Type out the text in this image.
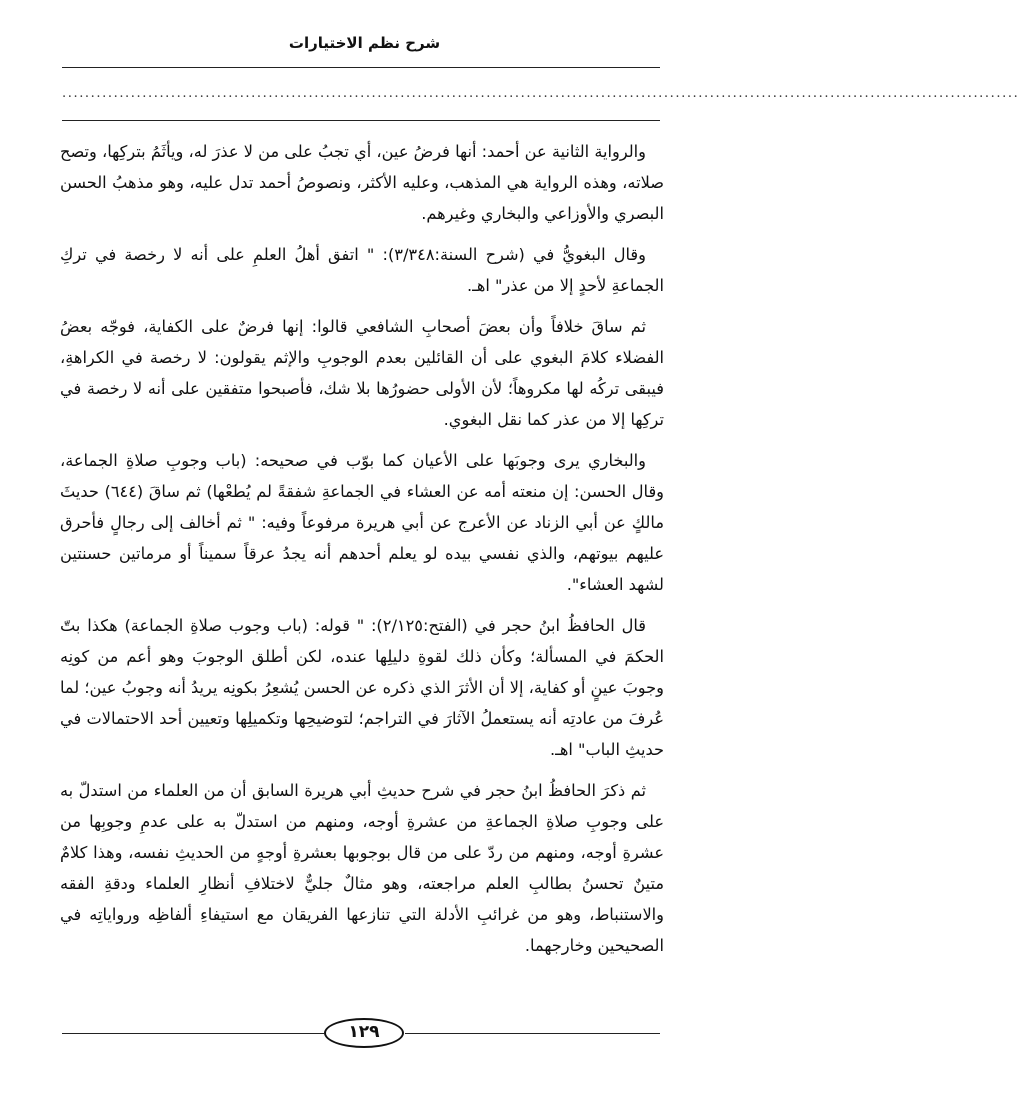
شرح نظم الاختيارات
.......................................................................................................................................................................

والرواية الثانية عن أحمد: أنها فرضُ عين، أي تجبُ على من لا عذرَ له، ويأثَمُ بتركِها، وتصح صلاته، وهذه الرواية هي المذهب، وعليه الأكثر، ونصوصُ أحمد تدل عليه، وهو مذهبُ الحسن البصري والأوزاعي والبخاري وغيرهم.

وقال البغويُّ في (شرح السنة:٣/٣٤٨): " اتفق أهلُ العلمِ على أنه لا رخصة في تركِ الجماعةِ لأحدٍ إلا من عذر" اهـ.

ثم ساقَ خلافاً وأن بعضَ أصحابِ الشافعي قالوا: إنها فرضٌ على الكفاية، فوجّه بعضُ الفضلاء كلامَ البغوي على أن القائلين بعدم الوجوبِ والإثم يقولون: لا رخصة في الكراهةِ، فيبقى تركُه لها مكروهاً؛ لأن الأولى حضورُها بلا شك، فأصبحوا متفقين على أنه لا رخصة في تركِها إلا من عذر كما نقل البغوي.

والبخاري يرى وجوبَها على الأعيان كما بوّب في صحيحه: (باب وجوبِ صلاةِ الجماعة، وقال الحسن: إن منعته أمه عن العشاء في الجماعةِ شفقةً لم يُطعْها) ثم ساقَ (٦٤٤) حديثَ مالكٍ عن أبي الزناد عن الأعرج عن أبي هريرة مرفوعاً وفيه: " ثم أخالف إلى رجالٍ فأحرق عليهم بيوتهم، والذي نفسي بيده لو يعلم أحدهم أنه يجدُ عرقاً سميناً أو مرماتين حسنتين لشهد العشاء".

قال الحافظُ ابنُ حجر في (الفتح:٢/١٢٥): " قوله: (باب وجوب صلاةِ الجماعة) هكذا بتّ الحكمَ في المسألة؛ وكأن ذلك لقوةِ دليلِها عنده، لكن أطلق الوجوبَ وهو أعم من كونِه وجوبَ عينٍ أو كفاية، إلا أن الأثرَ الذي ذكره عن الحسن يُشعِرُ بكونِه يريدُ أنه وجوبُ عين؛ لما عُرفَ من عادتِه أنه يستعملُ الآثارَ في التراجم؛ لتوضيحِها وتكميلِها وتعيين أحد الاحتمالات في حديثِ الباب" اهـ.

ثم ذكرَ الحافظُ ابنُ حجر في شرح حديثِ أبي هريرة السابق أن من العلماء من استدلّ به على وجوبِ صلاةِ الجماعةِ من عشرةِ أوجه، ومنهم من استدلّ به على عدمِ وجوبِها من عشرةِ أوجه، ومنهم من ردّ على من قال بوجوبها بعشرةِ أوجهٍ من الحديثِ نفسه، وهذا كلامٌ متينٌ تحسنُ بطالبِ العلم مراجعته، وهو مثالٌ جليٌّ لاختلافِ أنظارِ العلماء ودقةِ الفقه والاستنباط، وهو من غرائبِ الأدلة التي تنازعها الفريقان مع استيفاءِ ألفاظِه ورواياتِه في الصحيحين وخارجهما.

١٢٩
